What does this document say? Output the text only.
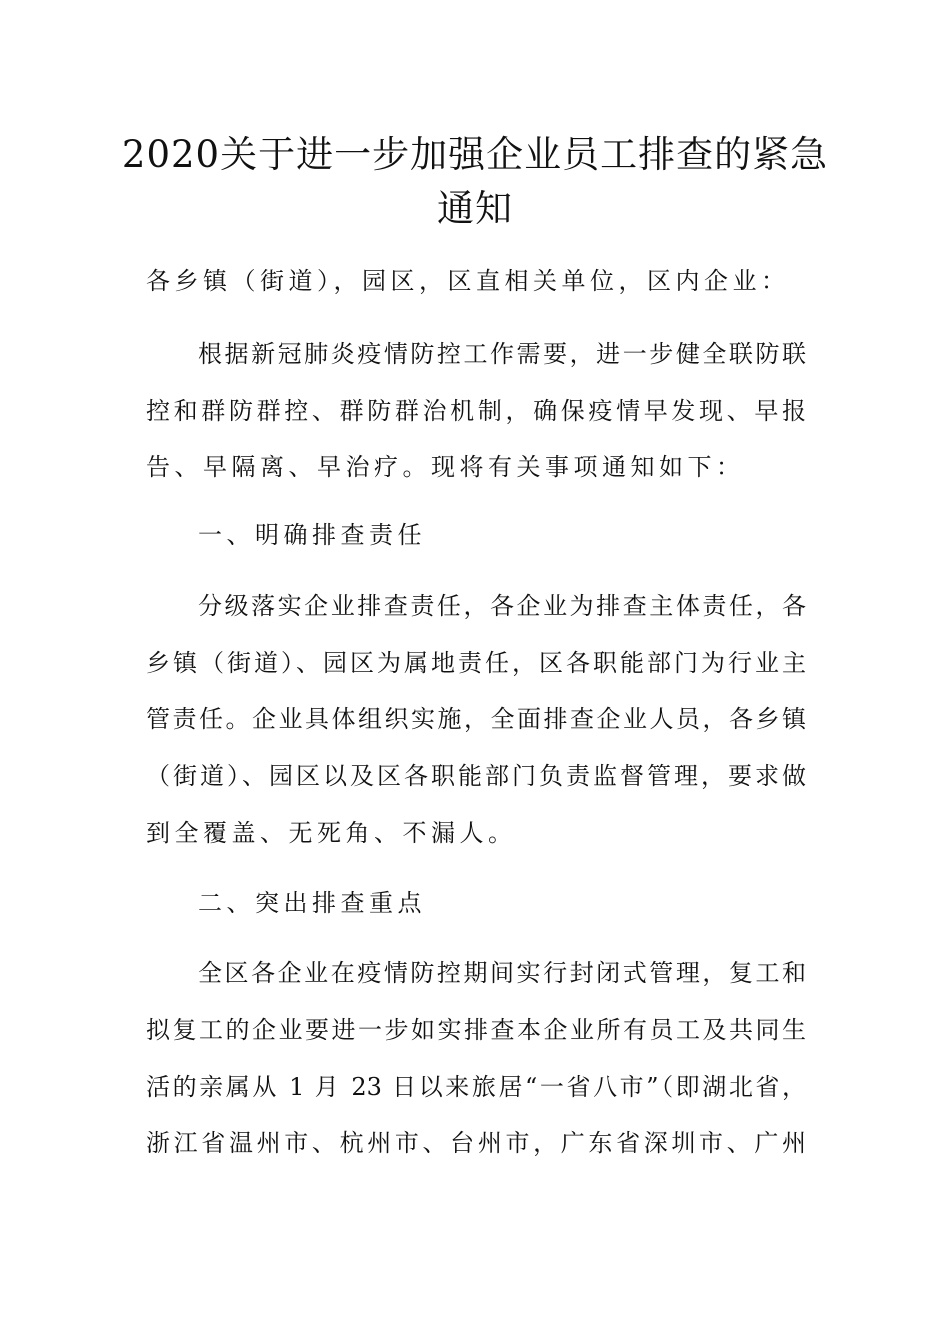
2020关于进一步加强企业员工排查的紧急
通知
各乡镇（街道），园区，区直相关单位，区内企业：
根据新冠肺炎疫情防控工作需要，进一步健全联防联
控和群防群控、群防群治机制，确保疫情早发现、早报
告、早隔离、早治疗。现将有关事项通知如下：
一、明确排查责任
分级落实企业排查责任，各企业为排查主体责任，各
乡镇（街道）、园区为属地责任，区各职能部门为行业主
管责任。企业具体组织实施，全面排查企业人员，各乡镇
（街道）、园区以及区各职能部门负责监督管理，要求做
到全覆盖、无死角、不漏人。
二、突出排查重点
全区各企业在疫情防控期间实行封闭式管理，复工和
拟复工的企业要进一步如实排查本企业所有员工及共同生
活的亲属从 1 月 23 日以来旅居“一省八市”（即湖北省，
浙江省温州市、杭州市、台州市，广东省深圳市、广州
